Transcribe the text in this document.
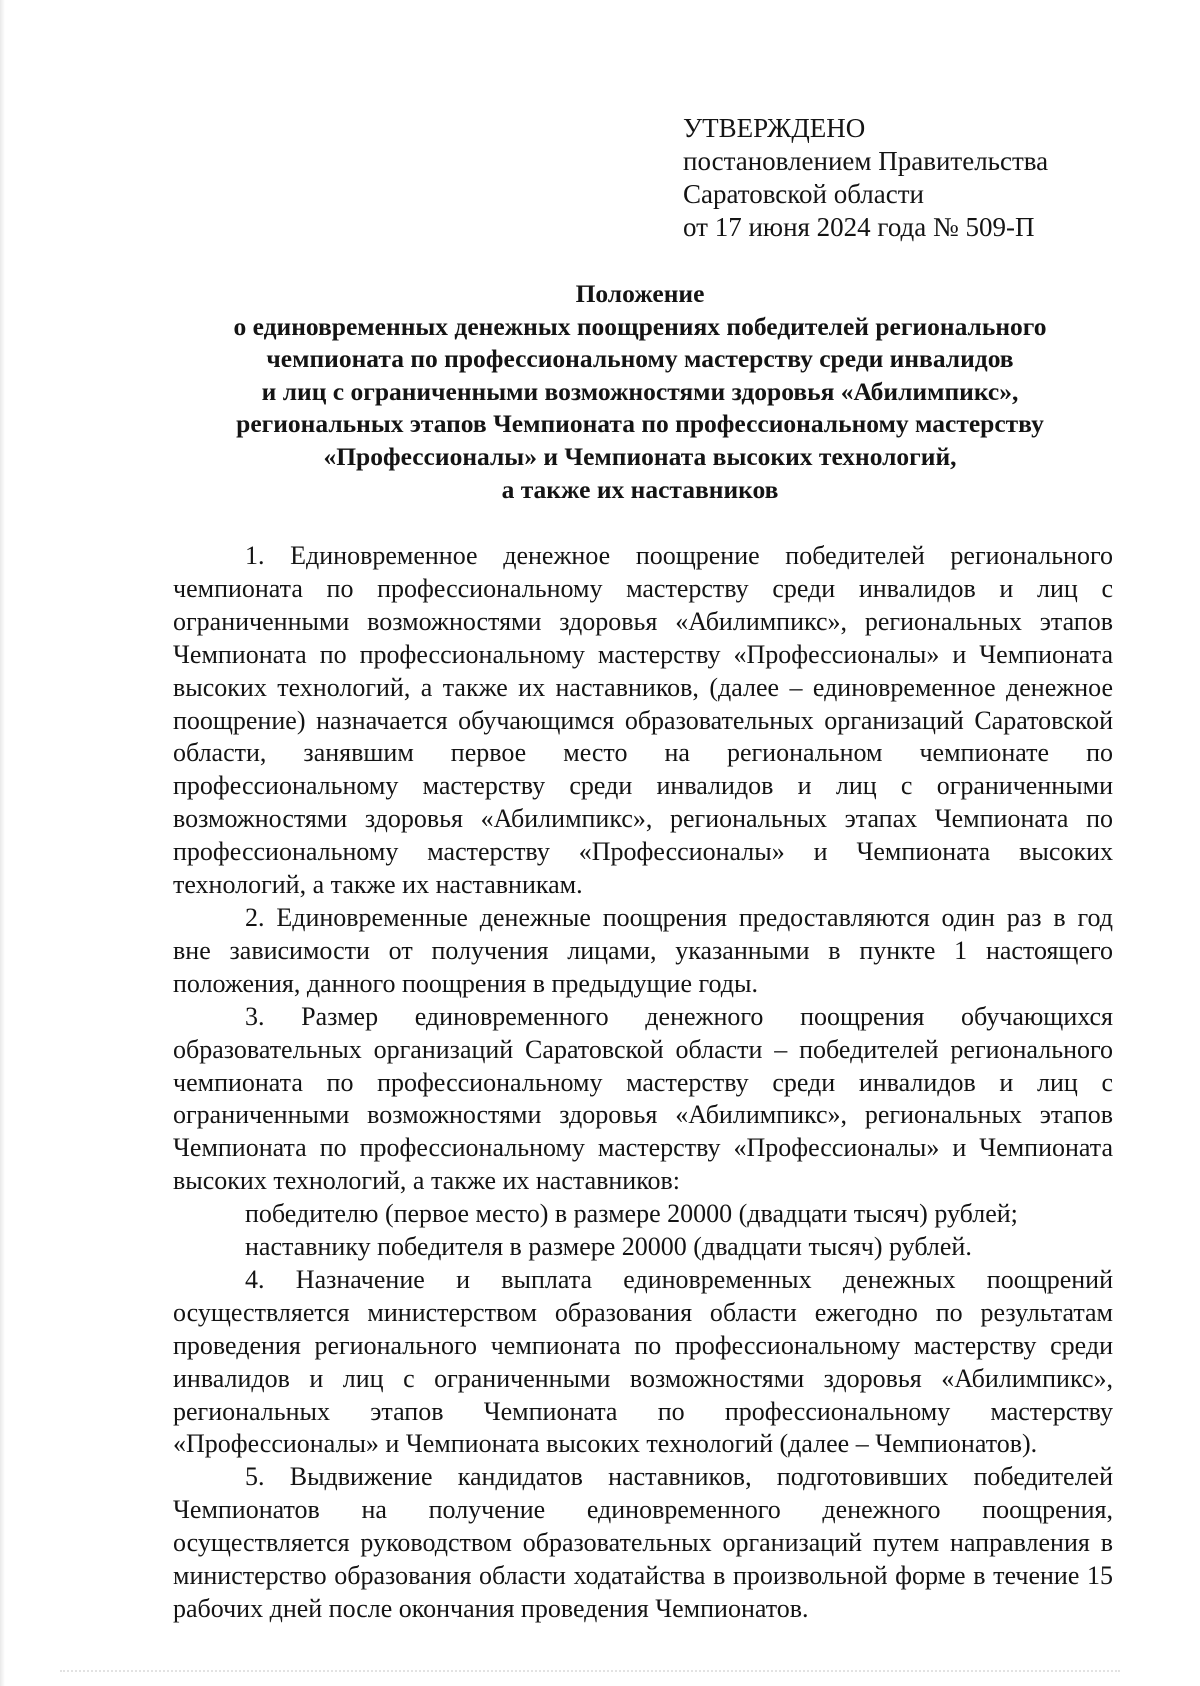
УТВЕРЖДЕНО
постановлением Правительства
Саратовской области
от 17 июня 2024 года № 509-П
Положение
о единовременных денежных поощрениях победителей регионального
чемпионата по профессиональному мастерству среди инвалидов
и лиц с ограниченными возможностями здоровья «Абилимпикс»,
региональных этапов Чемпионата по профессиональному мастерству
«Профессионалы» и Чемпионата высоких технологий,
а также их наставников

1. Единовременное денежное поощрение победителей регионального чемпионата по профессиональному мастерству среди инвалидов и лиц с ограниченными возможностями здоровья «Абилимпикс», региональных этапов Чемпионата по профессиональному мастерству «Профессионалы» и Чемпионата высоких технологий, а также их наставников, (далее – единовременное денежное поощрение) назначается обучающимся образовательных организаций Саратовской области, занявшим первое место на региональном чемпионате по профессиональному мастерству среди инвалидов и лиц с ограниченными возможностями здоровья «Абилимпикс», региональных этапах Чемпионата по профессиональному мастерству «Профессионалы» и Чемпионата высоких технологий, а также их наставникам.

2. Единовременные денежные поощрения предоставляются один раз в год вне зависимости от получения лицами, указанными в пункте 1 настоящего положения, данного поощрения в предыдущие годы.

3. Размер единовременного денежного поощрения обучающихся образовательных организаций Саратовской области – победителей регионального чемпионата по профессиональному мастерству среди инвалидов и лиц с ограниченными возможностями здоровья «Абилимпикс», региональных этапов Чемпионата по профессиональному мастерству «Профессионалы» и Чемпионата высоких технологий, а также их наставников:

победителю (первое место) в размере 20000 (двадцати тысяч) рублей;

наставнику победителя в размере 20000 (двадцати тысяч) рублей.

4. Назначение и выплата единовременных денежных поощрений осуществляется министерством образования области ежегодно по результатам проведения регионального чемпионата по профессиональному мастерству среди инвалидов и лиц с ограниченными возможностями здоровья «Абилимпикс», региональных этапов Чемпионата по профессиональному мастерству «Профессионалы» и Чемпионата высоких технологий (далее – Чемпионатов).

5. Выдвижение кандидатов наставников, подготовивших победителей Чемпионатов на получение единовременного денежного поощрения, осуществляется руководством образовательных организаций путем направления в министерство образования области ходатайства в произвольной форме в течение 15 рабочих дней после окончания проведения Чемпионатов.
